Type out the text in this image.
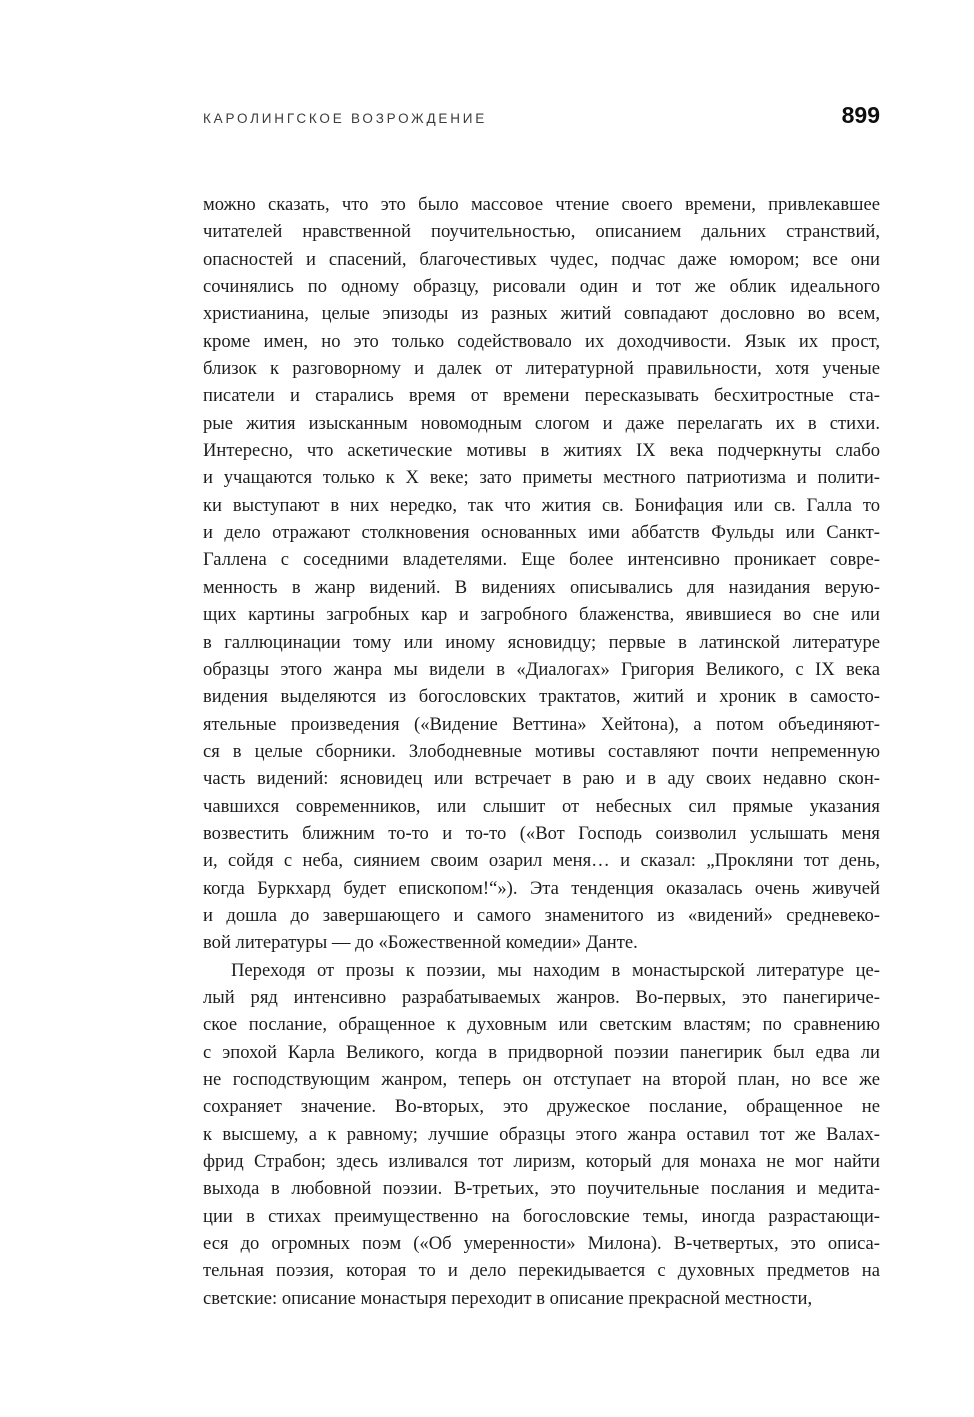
КАРОЛИНГСКОЕ ВОЗРОЖДЕНИЕ	899
можно сказать, что это было массовое чтение своего времени, привлекавшее
читателей нравственной поучительностью, описанием дальних странствий,
опасностей и спасений, благочестивых чудес, подчас даже юмором; все они
сочинялись по одному образцу, рисовали один и тот же облик идеального
христианина, целые эпизоды из разных житий совпадают дословно во всем,
кроме имен, но это только содействовало их доходчивости. Язык их прост,
близок к разговорному и далек от литературной правильности, хотя ученые
писатели и старались время от времени пересказывать бесхитростные ста-
рые жития изысканным новомодным слогом и даже перелагать их в стихи.
Интересно, что аскетические мотивы в житиях IX века подчеркнуты слабо
и учащаются только к X веке; зато приметы местного патриотизма и полити-
ки выступают в них нередко, так что жития св. Бонифация или св. Галла то
и дело отражают столкновения основанных ими аббатств Фульды или Санкт-
Галлена с соседними владетелями. Еще более интенсивно проникает совре-
менность в жанр видений. В видениях описывались для назидания верую-
щих картины загробных кар и загробного блаженства, явившиеся во сне или
в галлюцинации тому или иному ясновидцу; первые в латинской литературе
образцы этого жанра мы видели в «Диалогах» Григория Великого, с IX века
видения выделяются из богословских трактатов, житий и хроник в самосто-
ятельные произведения («Видение Веттина» Хейтона), а потом объединяют-
ся в целые сборники. Злободневные мотивы составляют почти непременную
часть видений: ясновидец или встречает в раю и в аду своих недавно скон-
чавшихся современников, или слышит от небесных сил прямые указания
возвестить ближним то-то и то-то («Вот Господь соизволил услышать меня
и, сойдя с неба, сиянием своим озарил меня… и сказал: „Прокляни тот день,
когда Буркхард будет епископом!“»). Эта тенденция оказалась очень живучей
и дошла до завершающего и самого знаменитого из «видений» средневеко-
вой литературы — до «Божественной комедии» Данте.
Переходя от прозы к поэзии, мы находим в монастырской литературе це-
лый ряд интенсивно разрабатываемых жанров. Во-первых, это панегириче-
ское послание, обращенное к духовным или светским властям; по сравнению
с эпохой Карла Великого, когда в придворной поэзии панегирик был едва ли
не господствующим жанром, теперь он отступает на второй план, но все же
сохраняет значение. Во-вторых, это дружеское послание, обращенное не
к высшему, а к равному; лучшие образцы этого жанра оставил тот же Валах-
фрид Страбон; здесь изливался тот лиризм, который для монаха не мог найти
выхода в любовной поэзии. В-третьих, это поучительные послания и медита-
ции в стихах преимущественно на богословские темы, иногда разрастающи-
еся до огромных поэм («Об умеренности» Милона). В-четвертых, это описа-
тельная поэзия, которая то и дело перекидывается с духовных предметов на
светские: описание монастыря переходит в описание прекрасной местности,
